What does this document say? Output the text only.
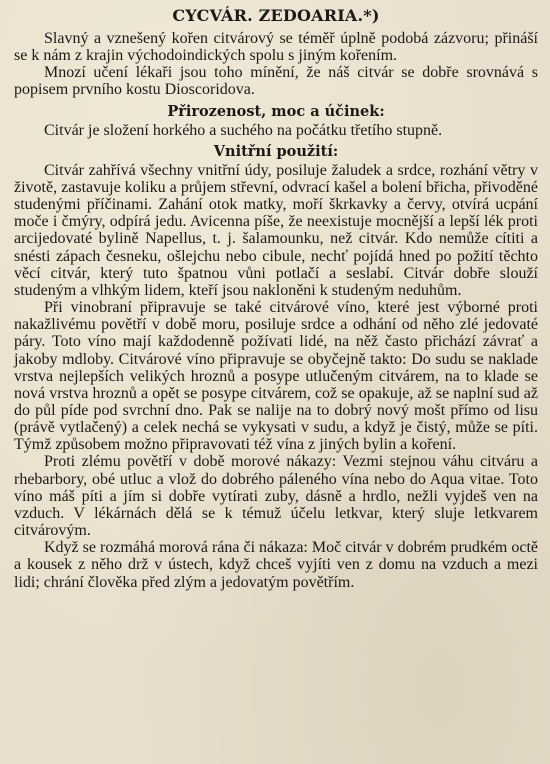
CYCVÁR. ZEDOARIA.*)

Slavný a vznešený kořen citvárový se téměř úplně podobá zázvoru; přináší se k nám z krajin východoindických spolu s jiným kořením.

Mnozí učení lékaři jsou toho mínění, že náš citvár se dobře srovnává s popisem prvního kostu Dioscoridova.

Přirozenost, moc a účinek:

Citvár je složení horkého a suchého na počátku třetího stupně.

Vnitřní použití:

Citvár zahřívá všechny vnitřní údy, posiluje žaludek a srdce, rozhání větry v životě, zastavuje koliku a průjem střevní, odvrací kašel a bolení břicha, přivoděné studenými příčinami. Zahání otok matky, moří škrkavky a červy, otvírá ucpání moče i čmýry, odpírá jedu. Avicenna píše, že neexistuje mocnější a lepší lék proti arcijedovaté bylině Napellus, t. j. šalamounku, než citvár. Kdo nemůže cítiti a snésti zápach česneku, ošlejchu nebo cibule, nechť pojídá hned po požití těchto věcí citvár, který tuto špatnou vůni potlačí a seslabí. Citvár dobře slouží studeným a vlhkým lidem, kteří jsou nakloněni k studeným neduhům.

Při vinobraní připravuje se také citvárové víno, které jest výborné proti nakažlivému povětří v době moru, posiluje srdce a odhání od něho zlé jedovaté páry. Toto víno mají každodenně požívati lidé, na něž často přichází závrať a jakoby mdloby. Citvárové víno připravuje se obyčejně takto: Do sudu se naklade vrstva nejlepších velikých hroznů a posype utlučeným citvárem, na to klade se nová vrstva hroznů a opět se posype citvárem, což se opakuje, až se naplní sud až do půl píde pod svrchní dno. Pak se nalije na to dobrý nový mošt přímo od lisu (právě vytlačený) a celek nechá se vykysati v sudu, a když je čistý, může se píti. Týmž způsobem možno připravovati též vína z jiných bylin a koření.

Proti zlému povětří v době morové nákazy: Vezmi stejnou váhu citváru a rhebarbory, obé utluc a vlož do dobrého páleného vína nebo do Aqua vitae. Toto víno máš píti a jím si dobře vytírati zuby, dásně a hrdlo, nežli vyjdeš ven na vzduch. V lékárnách dělá se k témuž účelu letkvar, který sluje letkvarem citvárovým.

Když se rozmáhá morová rána či nákaza: Moč citvár v dobrém prudkém octě a kousek z něho drž v ústech, když chceš vyjíti ven z domu na vzduch a mezi lidi; chrání člověka před zlým a jedovatým povětřím.
